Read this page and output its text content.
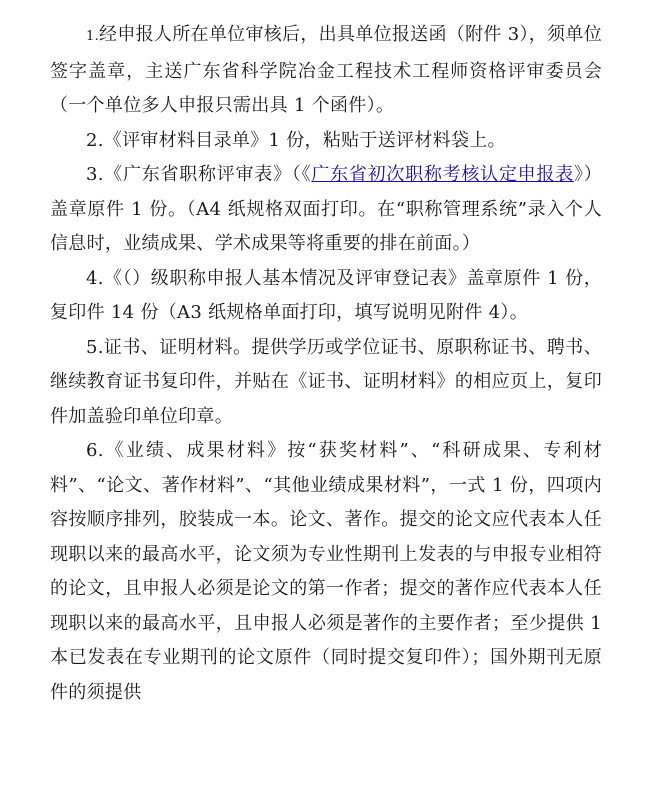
1.经申报人所在单位审核后，出具单位报送函（附件 3），须单位签字盖章，主送广东省科学院冶金工程技术工程师资格评审委员会（一个单位多人申报只需出具 1 个函件）。

2.《评审材料目录单》1 份，粘贴于送评材料袋上。

3.《广东省职称评审表》（《广东省初次职称考核认定申报表》）盖章原件 1 份。（A4 纸规格双面打印。在“职称管理系统”录入个人信息时，业绩成果、学术成果等将重要的排在前面。）

4.《（）级职称申报人基本情况及评审登记表》盖章原件 1 份，复印件 14 份（A3 纸规格单面打印，填写说明见附件 4）。

5.证书、证明材料。提供学历或学位证书、原职称证书、聘书、继续教育证书复印件，并贴在《证书、证明材料》的相应页上，复印件加盖验印单位印章。

6.《业绩、成果材料》按“获奖材料”、“科研成果、专利材料”、“论文、著作材料”、“其他业绩成果材料”，一式 1 份，四项内容按顺序排列，胶装成一本。论文、著作。提交的论文应代表本人任现职以来的最高水平，论文须为专业性期刊上发表的与申报专业相符的论文，且申报人必须是论文的第一作者；提交的著作应代表本人任现职以来的最高水平，且申报人必须是著作的主要作者；至少提供 1 本已发表在专业期刊的论文原件（同时提交复印件）；国外期刊无原件的须提供
